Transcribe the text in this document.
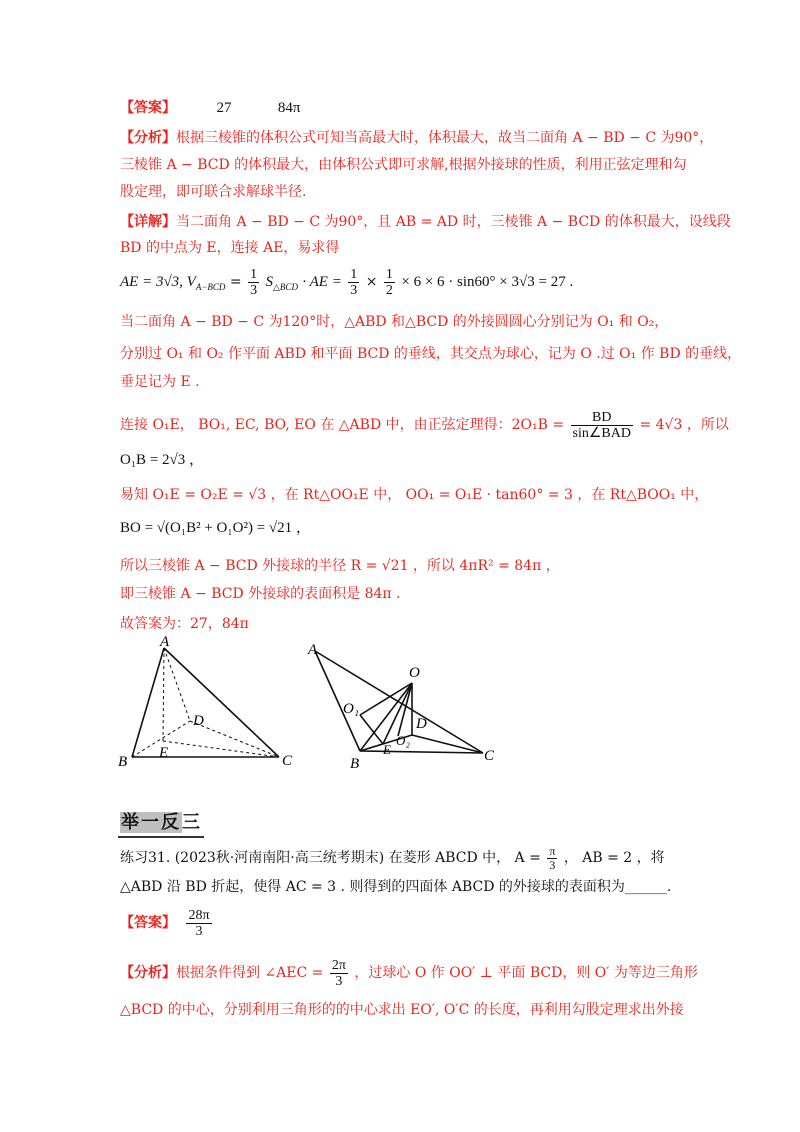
【答案】	27	84π
【分析】根据三棱锥的体积公式可知当高最大时，体积最大，故当二面角 A − BD − C 为90°，
三棱锥 A − BCD 的体积最大，由体积公式即可求解,根据外接球的性质，利用正弦定理和勾
股定理，即可联合求解球半径.
【详解】当二面角 A − BD − C 为90°，且 AB = AD 时，三棱锥 A − BCD 的体积最大，设线段
BD 的中点为 E，连接 AE，易求得
AE = 3√3, $V_{A-BCD} = \frac{1}{3} S_{\triangle BCD}$ · AE = $\frac{1}{3} \times \frac{1}{2} \times 6 \times 6 \cdot \sin 60^\circ \times 3√3 = 27$ .
当二面角 A − BD − C 为120°时，△ABD 和△BCD 的外接圆圆心分别记为 O₁ 和 O₂，
分别过 O₁ 和 O₂ 作平面 ABD 和平面 BCD 的垂线，其交点为球心，记为 O .过 O₁ 作 BD 的垂线，
垂足记为 E .
连接 O₁E， BO₁, EC, BO, EO 在 △ABD 中，由正弦定理得：$2O_1B = \frac{BD}{\text{sin∠BAD}} = 4√3$ ，所以
O₁B = 2√3 ，
易知 O₁E = O₂E = √3 ，在 Rt△OO₁E 中， OO₁ = O₁E · tan60° = 3 ，在 Rt△BOO₁ 中，
BO = √(O₁B² + O₁O²) = √21 ，
所以三棱锥 A − BCD 外接球的半径 R = √21 ，所以 4πR² = 84π ，
即三棱锥 A − BCD 外接球的表面积是 84π .
故答案为：27，84π
A
B	C
D
E
A
B	C
D
E
O
O₁
O₂
举一反三
练习31. (2023秋·河南南阳·高三统考期末) 在菱形 ABCD 中， $A = \frac{\pi}{3}$ ， AB = 2 ，将
△ABD 沿 BD 折起，使得 AC = 3 . 则得到的四面体 ABCD 的外接球的表面积为______.
【答案】 $\frac{28\pi}{3}$
【分析】根据条件得到 ∠AEC = $\frac{2\pi}{3}$ ，过球心 O 作 OO′ ⊥ 平面 BCD，则 O′ 为等边三角形
△BCD 的中心，分别利用三角形的的中心求出 EO′, O′C 的长度，再利用勾股定理求出外接
